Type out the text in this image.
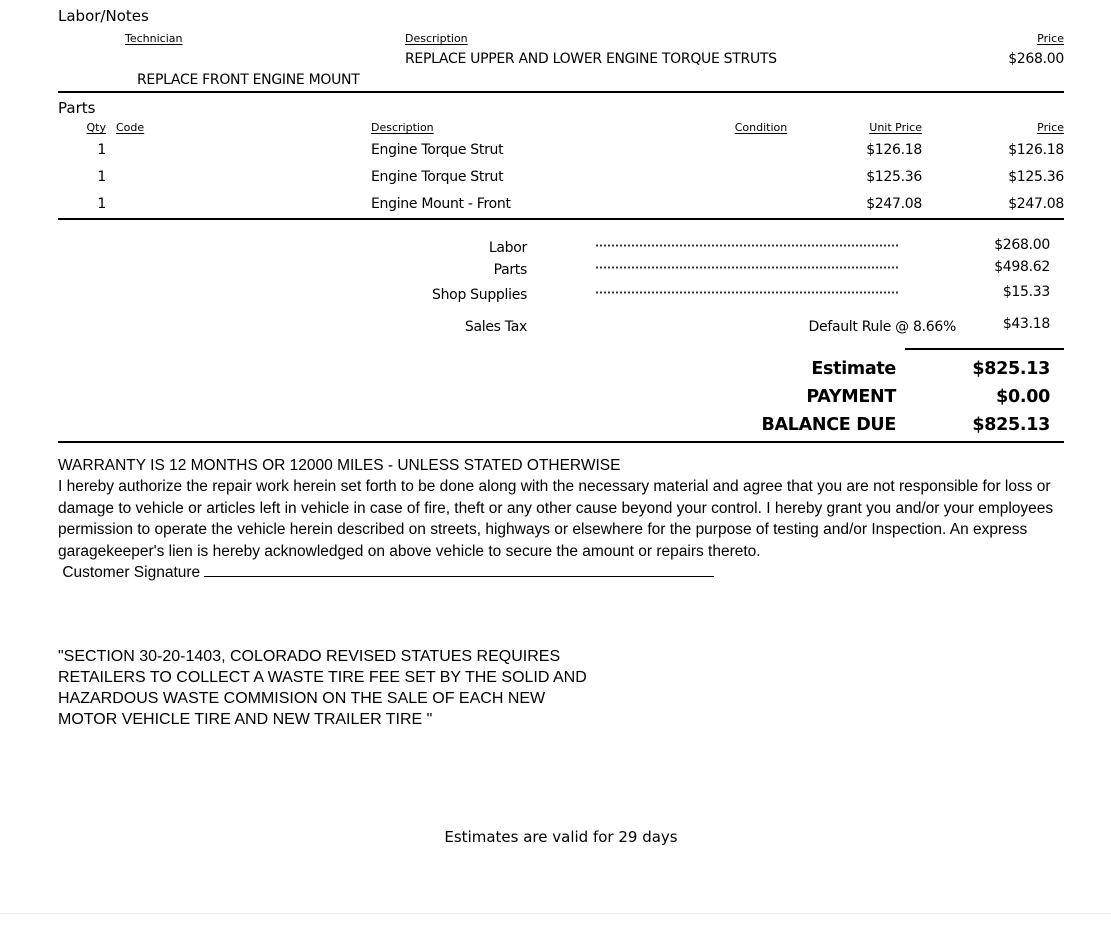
Labor/Notes
Technician	Description	Price
REPLACE UPPER AND LOWER ENGINE TORQUE STRUTS	$268.00
REPLACE FRONT ENGINE MOUNT
Parts
Qty Code	Description	Condition	Unit Price	Price
1	Engine Torque Strut	$126.18	$126.18
1	Engine Torque Strut	$125.36	$125.36
1	Engine Mount - Front	$247.08	$247.08
Labor	$268.00
Parts	$498.62
Shop Supplies	$15.33
Sales Tax	Default Rule @ 8.66%	$43.18
Estimate	$825.13
PAYMENT	$0.00
BALANCE DUE	$825.13
WARRANTY IS 12 MONTHS OR 12000 MILES - UNLESS STATED OTHERWISE
I hereby authorize the repair work herein set forth to be done along with the necessary material and agree that you are not responsible for loss or damage to vehicle or articles left in vehicle in case of fire, theft or any other cause beyond your control. I hereby grant you and/or your employees permission to operate the vehicle herein described on streets, highways or elsewhere for the purpose of testing and/or Inspection. An express garagekeeper's lien is hereby acknowledged on above vehicle to secure the amount or repairs thereto.
Customer Signature
"SECTION 30-20-1403, COLORADO REVISED STATUES REQUIRES
RETAILERS TO COLLECT A WASTE TIRE FEE SET BY THE SOLID AND
HAZARDOUS WASTE COMMISION ON THE SALE OF EACH NEW
MOTOR VEHICLE TIRE AND NEW TRAILER TIRE "
Estimates are valid for 29 days
